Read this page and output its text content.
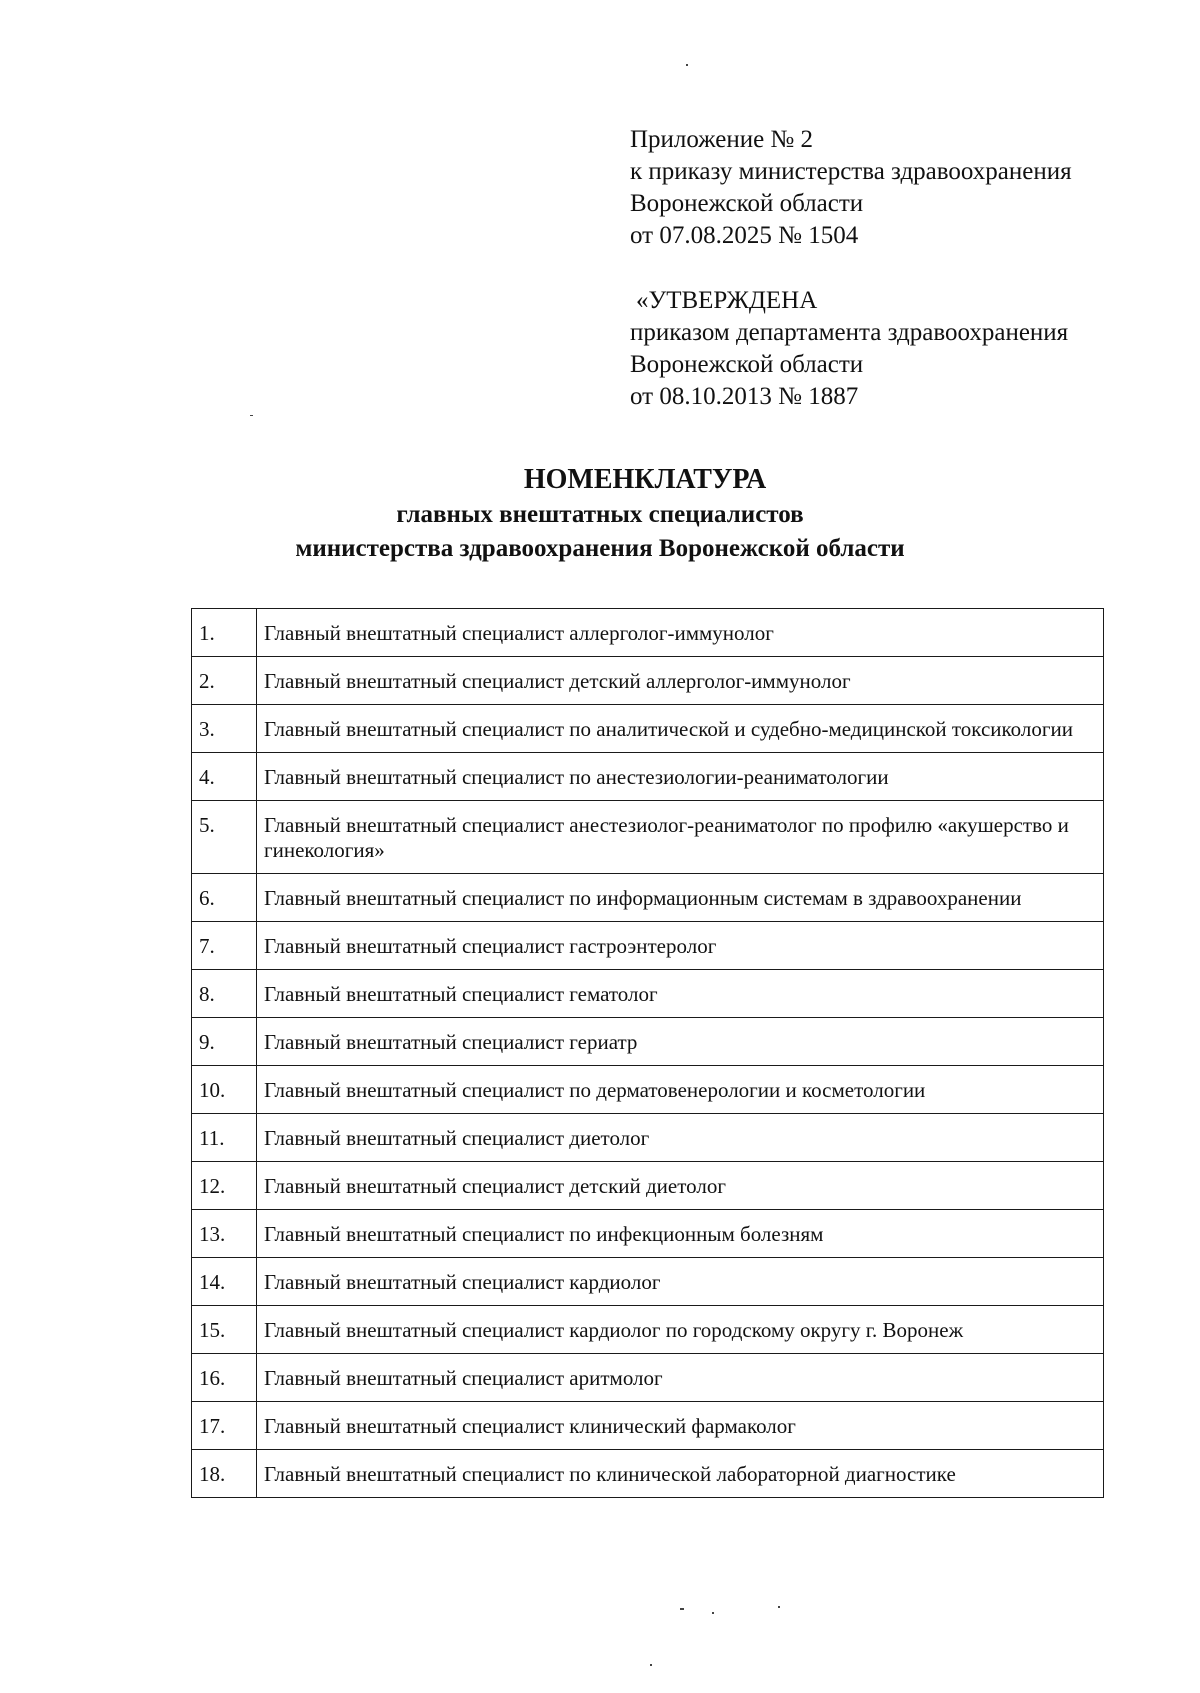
Приложение № 2
к приказу министерства здравоохранения
Воронежской области
от 07.08.2025 № 1504
«УТВЕРЖДЕНА
приказом департамента здравоохранения
Воронежской области
от 08.10.2013 № 1887
НОМЕНКЛАТУРА
главных внештатных специалистов
министерства здравоохранения Воронежской области
1.	Главный внештатный специалист аллерголог-иммунолог
2.	Главный внештатный специалист детский аллерголог-иммунолог
3.	Главный внештатный специалист по аналитической и судебно-медицинской токсикологии
4.	Главный внештатный специалист по анестезиологии-реаниматологии
5.	Главный внештатный специалист анестезиолог-реаниматолог по профилю «акушерство и гинекология»
6.	Главный внештатный специалист по информационным системам в здравоохранении
7.	Главный внештатный специалист гастроэнтеролог
8.	Главный внештатный специалист гематолог
9.	Главный внештатный специалист гериатр
10.	Главный внештатный специалист по дерматовенерологии и косметологии
11.	Главный внештатный специалист диетолог
12.	Главный внештатный специалист детский диетолог
13.	Главный внештатный специалист по инфекционным болезням
14.	Главный внештатный специалист кардиолог
15.	Главный внештатный специалист кардиолог по городскому округу г. Воронеж
16.	Главный внештатный специалист аритмолог
17.	Главный внештатный специалист клинический фармаколог
18.	Главный внештатный специалист по клинической лабораторной диагностике
